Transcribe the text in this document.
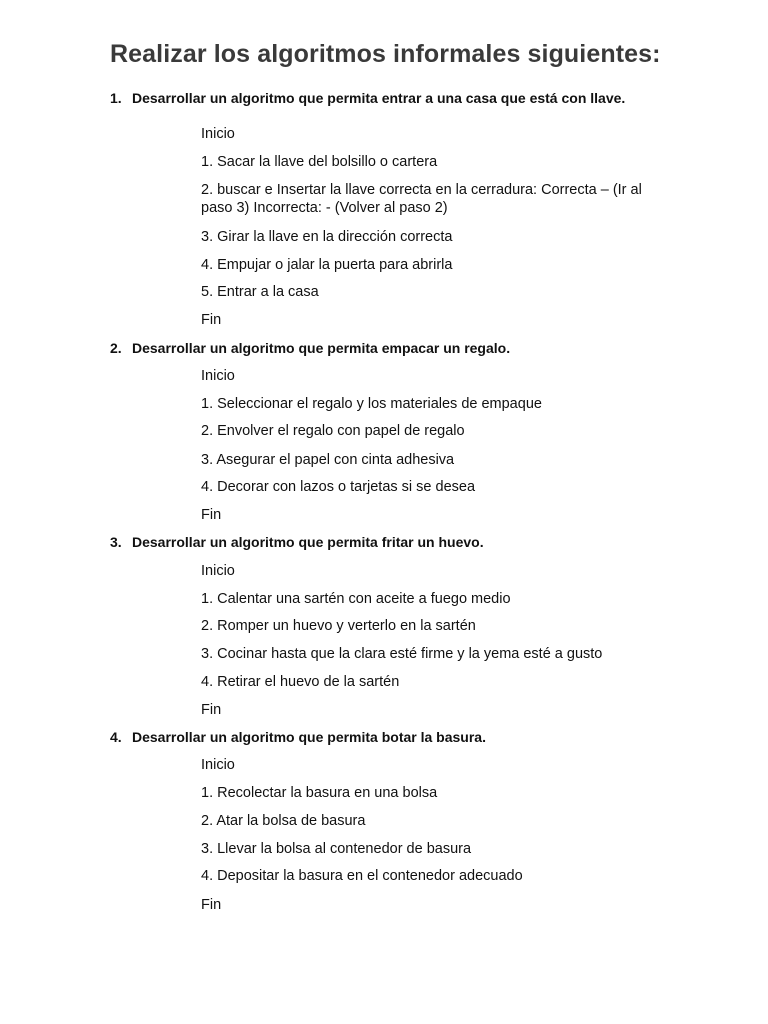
Realizar los algoritmos informales siguientes:
1. Desarrollar un algoritmo que permita entrar a una casa que está con llave.
Inicio
1. Sacar la llave del bolsillo o cartera
2. buscar e Insertar la llave correcta en la cerradura: Correcta – (Ir al paso 3) Incorrecta: - (Volver al paso 2)
3. Girar la llave en la dirección correcta
4. Empujar o jalar la puerta para abrirla
5. Entrar a la casa
Fin
2. Desarrollar un algoritmo que permita empacar un regalo.
Inicio
1. Seleccionar el regalo y los materiales de empaque
2. Envolver el regalo con papel de regalo
3. Asegurar el papel con cinta adhesiva
4. Decorar con lazos o tarjetas si se desea
Fin
3. Desarrollar un algoritmo que permita fritar un huevo.
Inicio
1. Calentar una sartén con aceite a fuego medio
2. Romper un huevo y verterlo en la sartén
3. Cocinar hasta que la clara esté firme y la yema esté a gusto
4. Retirar el huevo de la sartén
Fin
4. Desarrollar un algoritmo que permita botar la basura.
Inicio
1. Recolectar la basura en una bolsa
2. Atar la bolsa de basura
3. Llevar la bolsa al contenedor de basura
4. Depositar la basura en el contenedor adecuado
Fin
